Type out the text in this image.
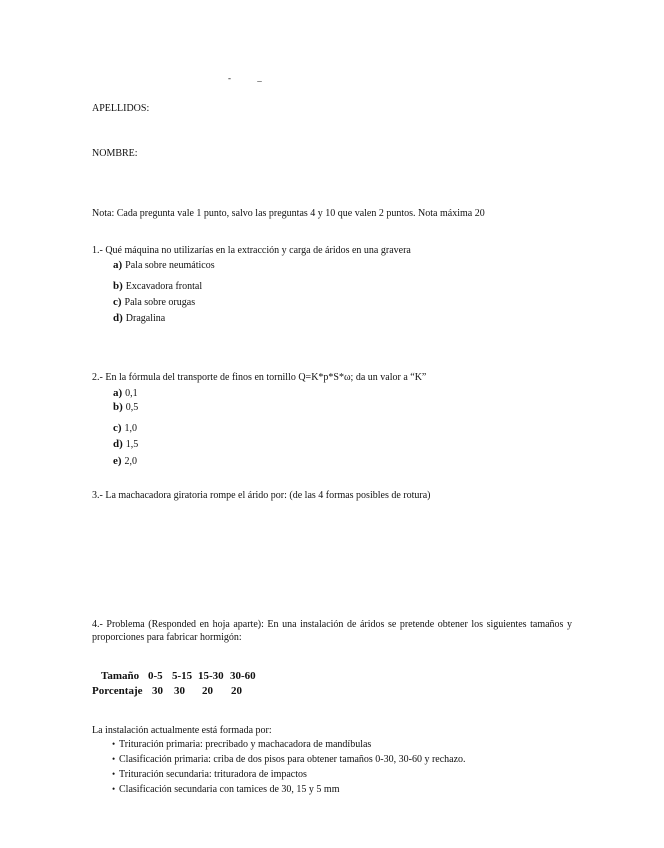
- _
APELLIDOS:
NOMBRE:
Nota: Cada pregunta vale 1 punto, salvo las preguntas 4 y 10 que valen 2 puntos. Nota máxima 20
1.- Qué máquina no utilizarías en la extracción y carga de áridos en una gravera
a) Pala sobre neumáticos
b) Excavadora frontal
c) Pala sobre orugas
d) Dragalina
2.- En la fórmula del transporte de finos en tornillo Q=K*p*S*ω; da un valor a “K”
a) 0,1
b) 0,5
c) 1,0
d) 1,5
e) 2,0
3.- La machacadora giratoria rompe el árido por: (de las 4 formas posibles de rotura)
4.- Problema (Responded en hoja aparte): En una instalación de áridos se pretende obtener los siguientes tamaños y proporciones para fabricar hormigón:
Tamaño 0-5 5-15 15-30 30-60
Porcentaje 30 30 20 20
La instalación actualmente está formada por:
• Trituración primaria: precribado y machacadora de mandíbulas
• Clasificación primaria: criba de dos pisos para obtener tamaños 0-30, 30-60 y rechazo.
• Trituración secundaria: trituradora de impactos
• Clasificación secundaria con tamices de 30, 15 y 5 mm
